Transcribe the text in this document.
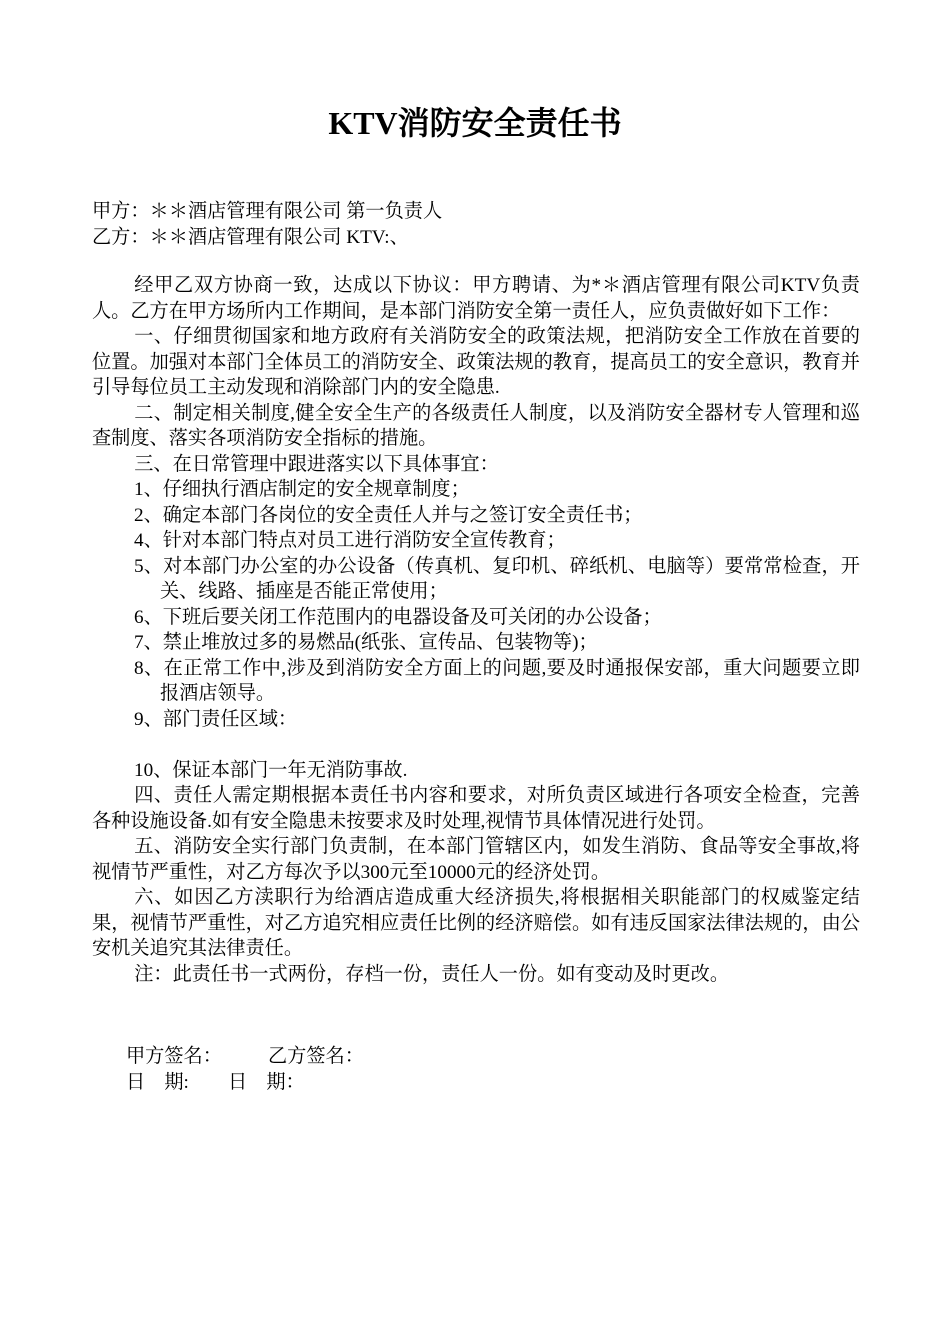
KTV消防安全责任书

甲方：＊＊酒店管理有限公司 第一负责人

乙方：＊＊酒店管理有限公司 KTV:、

经甲乙双方协商一致，达成以下协议：甲方聘请、为*＊酒店管理有限公司KTV负责人。乙方在甲方场所内工作期间，是本部门消防安全第一责任人，应负责做好如下工作：

一、仔细贯彻国家和地方政府有关消防安全的政策法规，把消防安全工作放在首要的位置。加强对本部门全体员工的消防安全、政策法规的教育，提高员工的安全意识，教育并引导每位员工主动发现和消除部门内的安全隐患.

二、制定相关制度,健全安全生产的各级责任人制度，以及消防安全器材专人管理和巡查制度、落实各项消防安全指标的措施。

三、在日常管理中跟进落实以下具体事宜：

1、仔细执行酒店制定的安全规章制度；

2、确定本部门各岗位的安全责任人并与之签订安全责任书；

4、针对本部门特点对员工进行消防安全宣传教育；

5、对本部门办公室的办公设备（传真机、复印机、碎纸机、电脑等）要常常检查，开关、线路、插座是否能正常使用；

6、下班后要关闭工作范围内的电器设备及可关闭的办公设备；

7、禁止堆放过多的易燃品(纸张、宣传品、包装物等)；

8、在正常工作中,涉及到消防安全方面上的问题,要及时通报保安部，重大问题要立即报酒店领导。

9、部门责任区域：

10、保证本部门一年无消防事故.

四、责任人需定期根据本责任书内容和要求，对所负责区域进行各项安全检查，完善各种设施设备.如有安全隐患未按要求及时处理,视情节具体情况进行处罚。

五、消防安全实行部门负责制，在本部门管辖区内，如发生消防、食品等安全事故,将视情节严重性，对乙方每次予以300元至10000元的经济处罚。

六、如因乙方渎职行为给酒店造成重大经济损失,将根据相关职能部门的权威鉴定结果，视情节严重性，对乙方追究相应责任比例的经济赔偿。如有违反国家法律法规的，由公安机关追究其法律责任。

注：此责任书一式两份，存档一份，责任人一份。如有变动及时更改。

甲方签名： 乙方签名：
日　期: 日　期：
